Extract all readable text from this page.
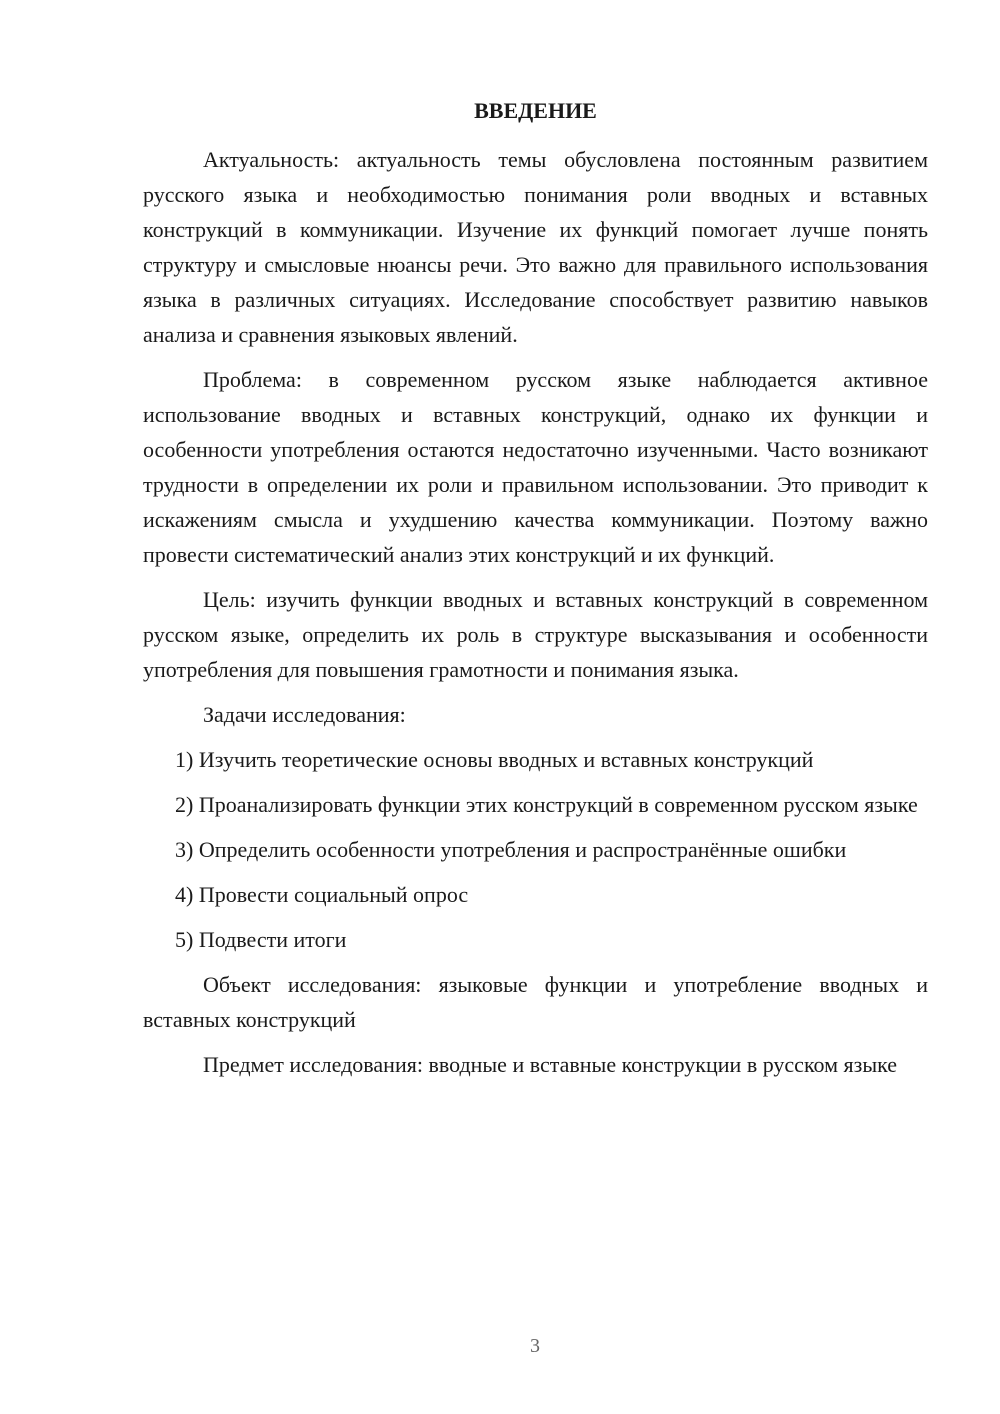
ВВЕДЕНИЕ

Актуальность: актуальность темы обусловлена постоянным развитием русского языка и необходимостью понимания роли вводных и вставных конструкций в коммуникации. Изучение их функций помогает лучше понять структуру и смысловые нюансы речи. Это важно для правильного использования языка в различных ситуациях. Исследование способствует развитию навыков анализа и сравнения языковых явлений.

Проблема: в современном русском языке наблюдается активное использование вводных и вставных конструкций, однако их функции и особенности употребления остаются недостаточно изученными. Часто возникают трудности в определении их роли и правильном использовании. Это приводит к искажениям смысла и ухудшению качества коммуникации. Поэтому важно провести систематический анализ этих конструкций и их функций.

Цель: изучить функции вводных и вставных конструкций в современном русском языке, определить их роль в структуре высказывания и особенности употребления для повышения грамотности и понимания языка.

Задачи исследования:

1) Изучить теоретические основы вводных и вставных конструкций

2) Проанализировать функции этих конструкций в современном русском языке

3) Определить особенности употребления и распространённые ошибки

4) Провести социальный опрос

5) Подвести итоги

Объект исследования: языковые функции и употребление вводных и вставных конструкций

Предмет исследования: вводные и вставные конструкции в русском языке

3
